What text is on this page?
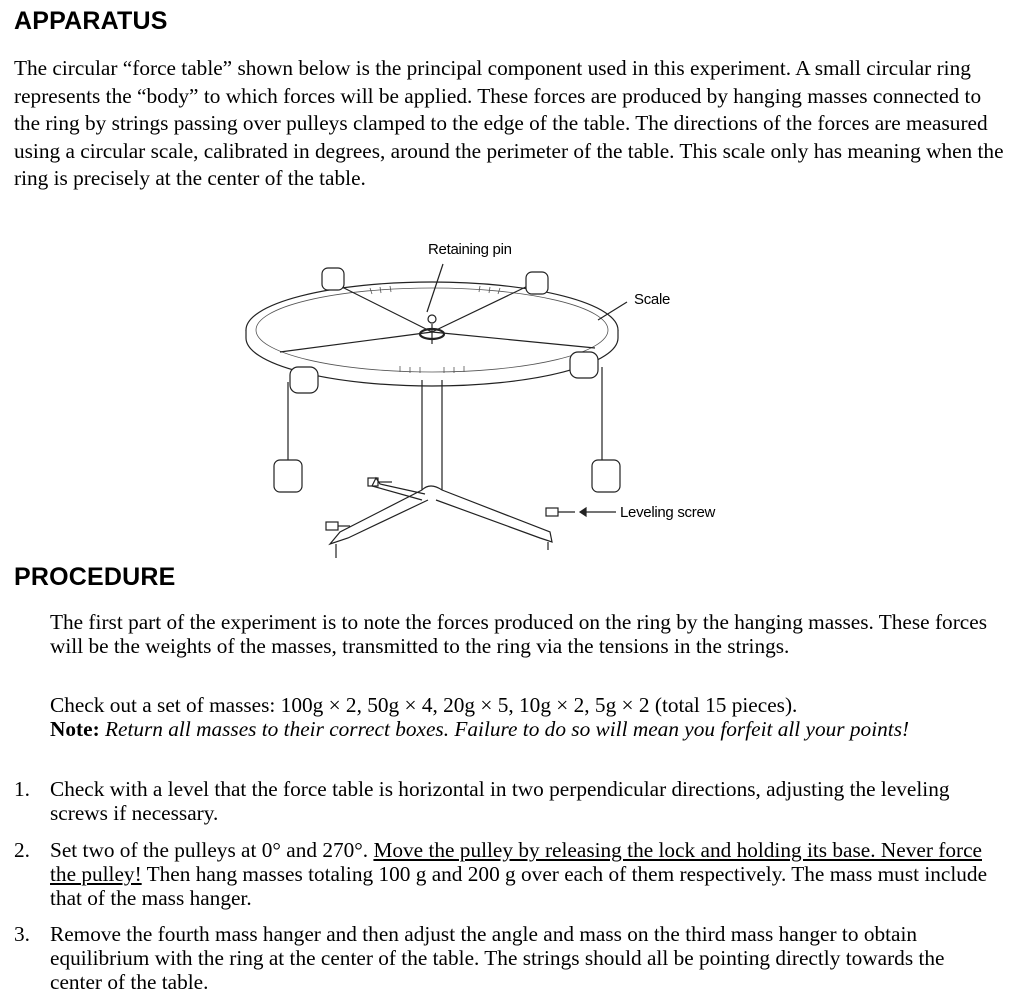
APPARATUS

The circular “force table” shown below is the principal component used in this experiment. A small circular ring represents the “body” to which forces will be applied. These forces are produced by hanging masses connected to the ring by strings passing over pulleys clamped to the edge of the table. The directions of the forces are measured using a circular scale, calibrated in degrees, around the perimeter of the table. This scale only has meaning when the ring is precisely at the center of the table.

Retaining pin
Scale
Leveling screw
PROCEDURE

The first part of the experiment is to note the forces produced on the ring by the hanging masses. These forces will be the weights of the masses, transmitted to the ring via the tensions in the strings.

Check out a set of masses: 100g × 2, 50g × 4, 20g × 5, 10g × 2, 5g × 2 (total 15 pieces).
Note: Return all masses to their correct boxes. Failure to do so will mean you forfeit all your points!
1. Check with a level that the force table is horizontal in two perpendicular directions, adjusting the leveling screws if necessary.
2. Set two of the pulleys at 0° and 270°. Move the pulley by releasing the lock and holding its base. Never force the pulley! Then hang masses totaling 100 g and 200 g over each of them respectively. The mass must include that of the mass hanger.
3. Remove the fourth mass hanger and then adjust the angle and mass on the third mass hanger to obtain equilibrium with the ring at the center of the table. The strings should all be pointing directly towards the center of the table.
